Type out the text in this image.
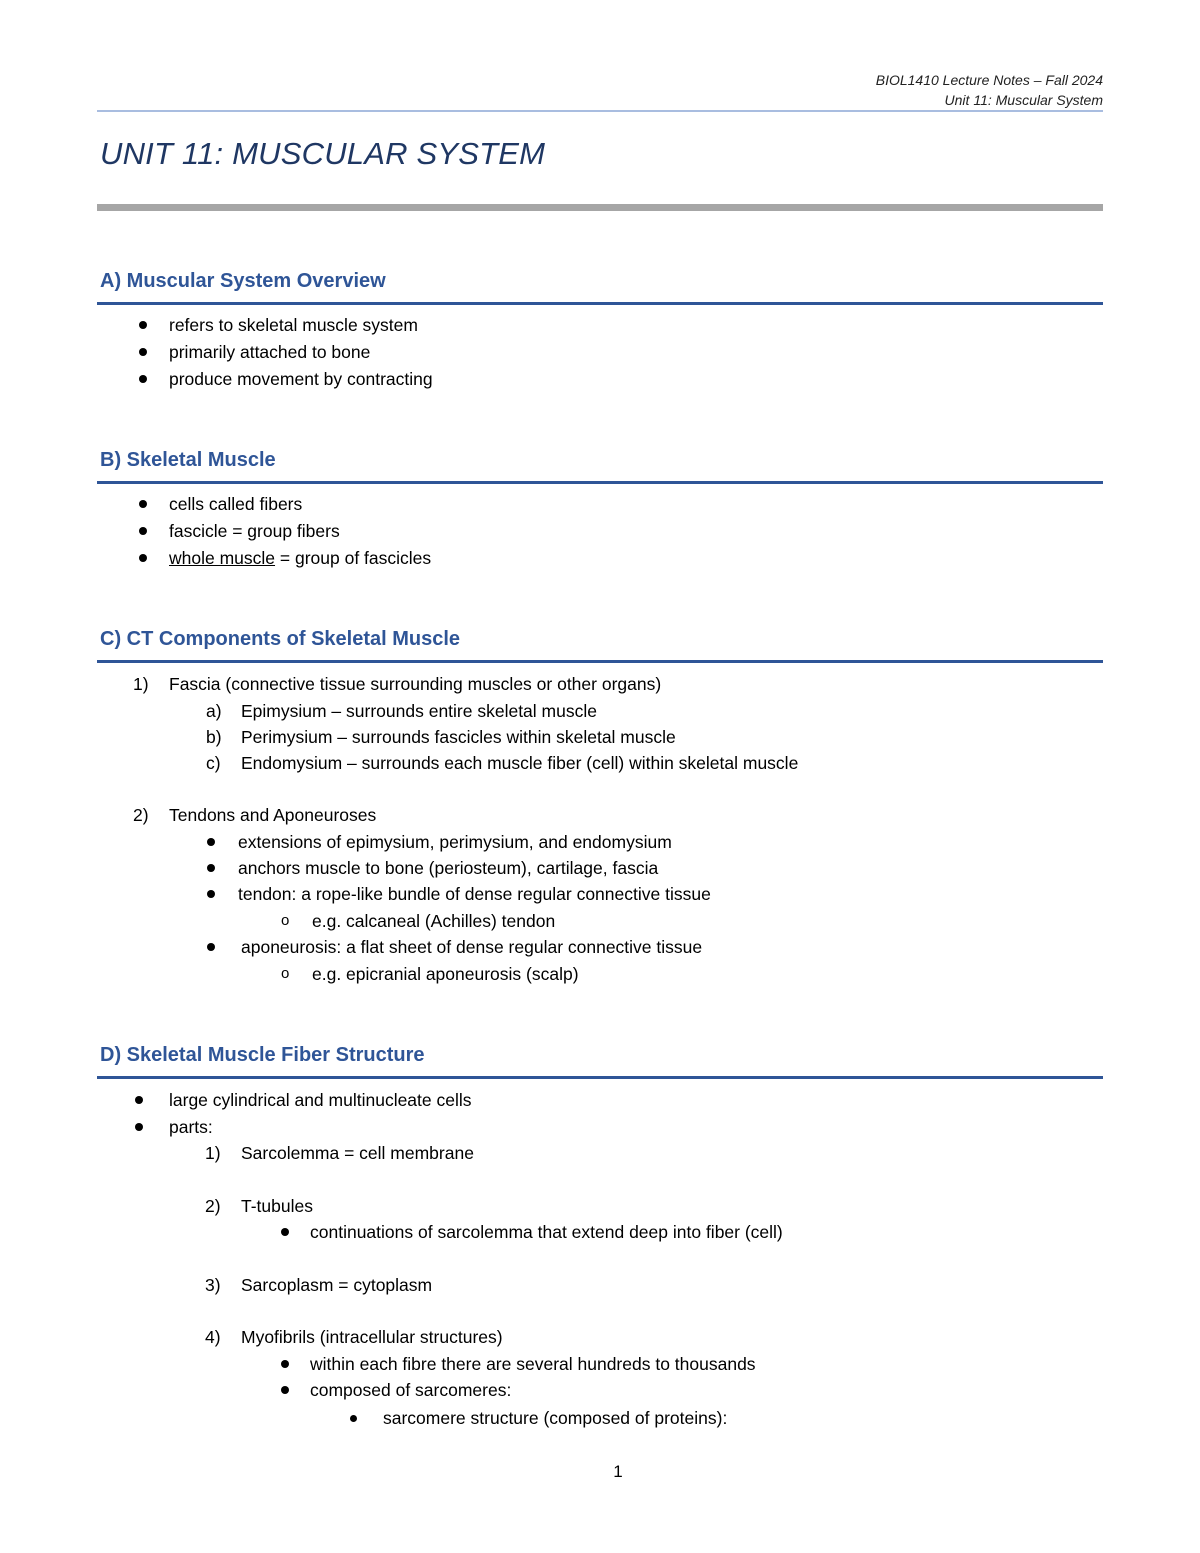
BIOL1410 Lecture Notes – Fall 2024
Unit 11: Muscular System
UNIT 11: MUSCULAR SYSTEM
A) Muscular System Overview
refers to skeletal muscle system
primarily attached to bone
produce movement by contracting
B) Skeletal Muscle
cells called fibers
fascicle = group fibers
whole muscle = group of fascicles
C) CT Components of Skeletal Muscle
1) Fascia (connective tissue surrounding muscles or other organs)
a) Epimysium – surrounds entire skeletal muscle
b) Perimysium – surrounds fascicles within skeletal muscle
c) Endomysium – surrounds each muscle fiber (cell) within skeletal muscle
2) Tendons and Aponeuroses
extensions of epimysium, perimysium, and endomysium
anchors muscle to bone (periosteum), cartilage, fascia
tendon: a rope-like bundle of dense regular connective tissue
o e.g. calcaneal (Achilles) tendon
aponeurosis: a flat sheet of dense regular connective tissue
o e.g. epicranial aponeurosis (scalp)
D) Skeletal Muscle Fiber Structure
large cylindrical and multinucleate cells
parts:
1) Sarcolemma = cell membrane
2) T-tubules
continuations of sarcolemma that extend deep into fiber (cell)
3) Sarcoplasm = cytoplasm
4) Myofibrils (intracellular structures)
within each fibre there are several hundreds to thousands
composed of sarcomeres:
sarcomere structure (composed of proteins):
1
